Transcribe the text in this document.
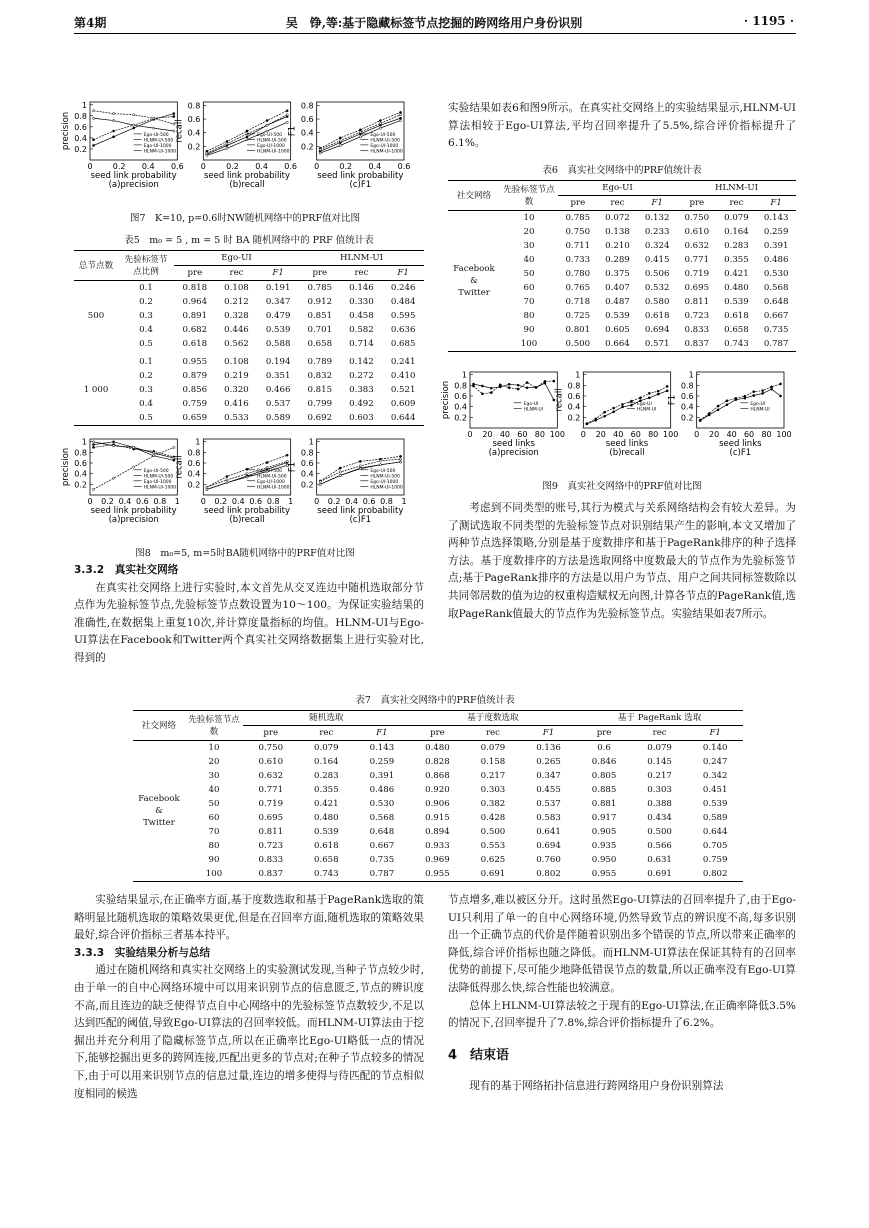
第4期	吴　铮,等:基于隐藏标签节点挖掘的跨网络用户身份识别	· 1195 ·
0.2
0.4
0.6
0.8
1
0	0.2 0.4 0.6
seed link probability
(a)precision
precision	Ego-UI-500
HLNM-UI-500
Ego-UI-1000
HLNM-UI-1000
0.2
0.4
0.6
0.8
0	0.2 0.4 0.6
seed link probability
(b)recall
recall	Ego-UI-500
HLNM-UI-500
Ego-UI-1000
HLNM-UI-1000
0.2
0.4
0.6
0.8
0	0.2 0.4 0.6
seed link probability
(c)F1
F1	Ego-UI-500
HLNM-UI-500
Ego-UI-1000
HLNM-UI-1000
图7　K=10, p=0.6时NW随机网络中的PRF值对比图
表5　m₀ = 5 , m = 5 时 BA 随机网络中的 PRF 值统计表
总节点数	先验标签节点比例	Ego-UI			HLNM-UI		
		pre	rec	F1	pre	rec	F1
500	0.1	0.818	0.108	0.191	0.785	0.146	0.246
	0.2	0.964	0.212	0.347	0.912	0.330	0.484
	0.3	0.891	0.328	0.479	0.851	0.458	0.595
	0.4	0.682	0.446	0.539	0.701	0.582	0.636
	0.5	0.618	0.562	0.588	0.658	0.714	0.685

1 000	0.1	0.955	0.108	0.194	0.789	0.142	0.241
	0.2	0.879	0.219	0.351	0.832	0.272	0.410
	0.3	0.856	0.320	0.466	0.815	0.383	0.521
	0.4	0.759	0.416	0.537	0.799	0.492	0.609
	0.5	0.659	0.533	0.589	0.692	0.603	0.644
0.2
0.4
0.6
0.8
1
0 0.2 0.4 0.6 0.8 1
seed link probability
(a)precision
precision	Ego-UI-500
HLNM-UI-500
Ego-UI-1000
HLNM-UI-1000 0.2
0.4
0.6
0.8
1
0 0.2 0.4 0.6 0.8 1
seed link probability
(b)recall
recall	Ego-UI-500
HLNM-UI-500
Ego-UI-1000
HLNM-UI-1000 0.2
0.4
0.6
0.8
1
0 0.2 0.4 0.6 0.8 1
seed link probability
(c)F1
F1	Ego-UI-500
HLNM-UI-500
Ego-UI-1000
HLNM-UI-1000
图8　m₀=5, m=5时BA随机网络中的PRF值对比图
3.3.2　真实社交网络

在真实社交网络上进行实验时,本文首先从交叉连边中随机选取部分节点作为先验标签节点,先验标签节点数设置为10～100。为保证实验结果的准确性,在数据集上重复10次,并计算度量指标的均值。HLNM-UI与Ego-UI算法在Facebook和Twitter两个真实社交网络数据集上进行实验对比,得到的

实验结果如表6和图9所示。在真实社交网络上的实验结果显示,HLNM-UI算法相较于Ego-UI算法,平均召回率提升了5.5%,综合评价指标提升了6.1%。

表6　真实社交网络中的PRF值统计表
社交网络	先验标签节点数	Ego-UI			HLNM-UI		
		pre	rec	F1	pre	rec	F1
Facebook
&
Twitter	10	0.785	0.072	0.132	0.750	0.079	0.143
	20	0.750	0.138	0.233	0.610	0.164	0.259
	30	0.711	0.210	0.324	0.632	0.283	0.391
	40	0.733	0.289	0.415	0.771	0.355	0.486
	50	0.780	0.375	0.506	0.719	0.421	0.530
	60	0.765	0.407	0.532	0.695	0.480	0.568
	70	0.718	0.487	0.580	0.811	0.539	0.648
	80	0.725	0.539	0.618	0.723	0.618	0.667
	90	0.801	0.605	0.694	0.833	0.658	0.735
	100	0.500	0.664	0.571	0.837	0.743	0.787
0.2
0.4
0.6
0.8
1
0 20 40 60 80 100
seed links
(a)precision
precision	Ego-UI
HLNM-UI
0.2
0.4
0.6
0.8
1
0 20 40 60 80 100
seed links
(b)recall
recall	Ego-UI
HLNM-UI
0.2
0.4
0.6
0.8
1
0 20 40 60 80 100
seed links
(c)F1
F1	Ego-UI
HLNM-UI
图9　真实社交网络中的PRF值对比图

考虑到不同类型的账号,其行为模式与关系网络结构会有较大差异。为了测试选取不同类型的先验标签节点对识别结果产生的影响,本文又增加了两种节点选择策略,分别是基于度数排序和基于PageRank排序的种子选择方法。基于度数排序的方法是选取网络中度数最大的节点作为先验标签节点;基于PageRank排序的方法是以用户为节点、用户之间共同标签数除以共同邻居数的值为边的权重构造赋权无向图,计算各节点的PageRank值,选取PageRank值最大的节点作为先验标签节点。实验结果如表7所示。

表7　真实社交网络中的PRF值统计表
社交网络	先验标签节点数	随机选取			基于度数选取			基于 PageRank 选取		
		pre	rec	F1	pre	rec	F1	pre	rec	F1
Facebook
&
Twitter	10	0.750	0.079	0.143	0.480	0.079	0.136	0.6	0.079	0.140
	20	0.610	0.164	0.259	0.828	0.158	0.265	0.846	0.145	0.247
	30	0.632	0.283	0.391	0.868	0.217	0.347	0.805	0.217	0.342
	40	0.771	0.355	0.486	0.920	0.303	0.455	0.885	0.303	0.451
	50	0.719	0.421	0.530	0.906	0.382	0.537	0.881	0.388	0.539
	60	0.695	0.480	0.568	0.915	0.428	0.583	0.917	0.434	0.589
	70	0.811	0.539	0.648	0.894	0.500	0.641	0.905	0.500	0.644
	80	0.723	0.618	0.667	0.933	0.553	0.694	0.935	0.566	0.705
	90	0.833	0.658	0.735	0.969	0.625	0.760	0.950	0.631	0.759
	100	0.837	0.743	0.787	0.955	0.691	0.802	0.955	0.691	0.802

实验结果显示,在正确率方面,基于度数选取和基于PageRank选取的策略明显比随机选取的策略效果更优,但是在召回率方面,随机选取的策略效果最好,综合评价指标三者基本持平。

3.3.3　实验结果分析与总结

通过在随机网络和真实社交网络上的实验测试发现,当种子节点较少时,由于单一的自中心网络环境中可以用来识别节点的信息匮乏,节点的辨识度不高,而且连边的缺乏使得节点自中心网络中的先验标签节点数较少,不足以达到匹配的阈值,导致Ego-UI算法的召回率较低。而HLNM-UI算法由于挖掘出并充分利用了隐藏标签节点,所以在正确率比Ego-UI略低一点的情况下,能够挖掘出更多的跨网连接,匹配出更多的节点对;在种子节点较多的情况下,由于可以用来识别节点的信息过量,连边的增多使得与待匹配的节点相似度相同的候选

节点增多,难以被区分开。这时虽然Ego-UI算法的召回率提升了,由于Ego-UI只利用了单一的自中心网络环境,仍然导致节点的辨识度不高,每多识别出一个正确节点的代价是伴随着识别出多个错误的节点,所以带来正确率的降低,综合评价指标也随之降低。而HLNM-UI算法在保证其特有的召回率优势的前提下,尽可能少地降低错误节点的数量,所以正确率没有Ego-UI算法降低得那么快,综合性能也较满意。

总体上HLNM-UI算法较之于现有的Ego-UI算法,在正确率降低3.5%的情况下,召回率提升了7.8%,综合评价指标提升了6.2%。

4　结束语

现有的基于网络拓扑信息进行跨网络用户身份识别算法
